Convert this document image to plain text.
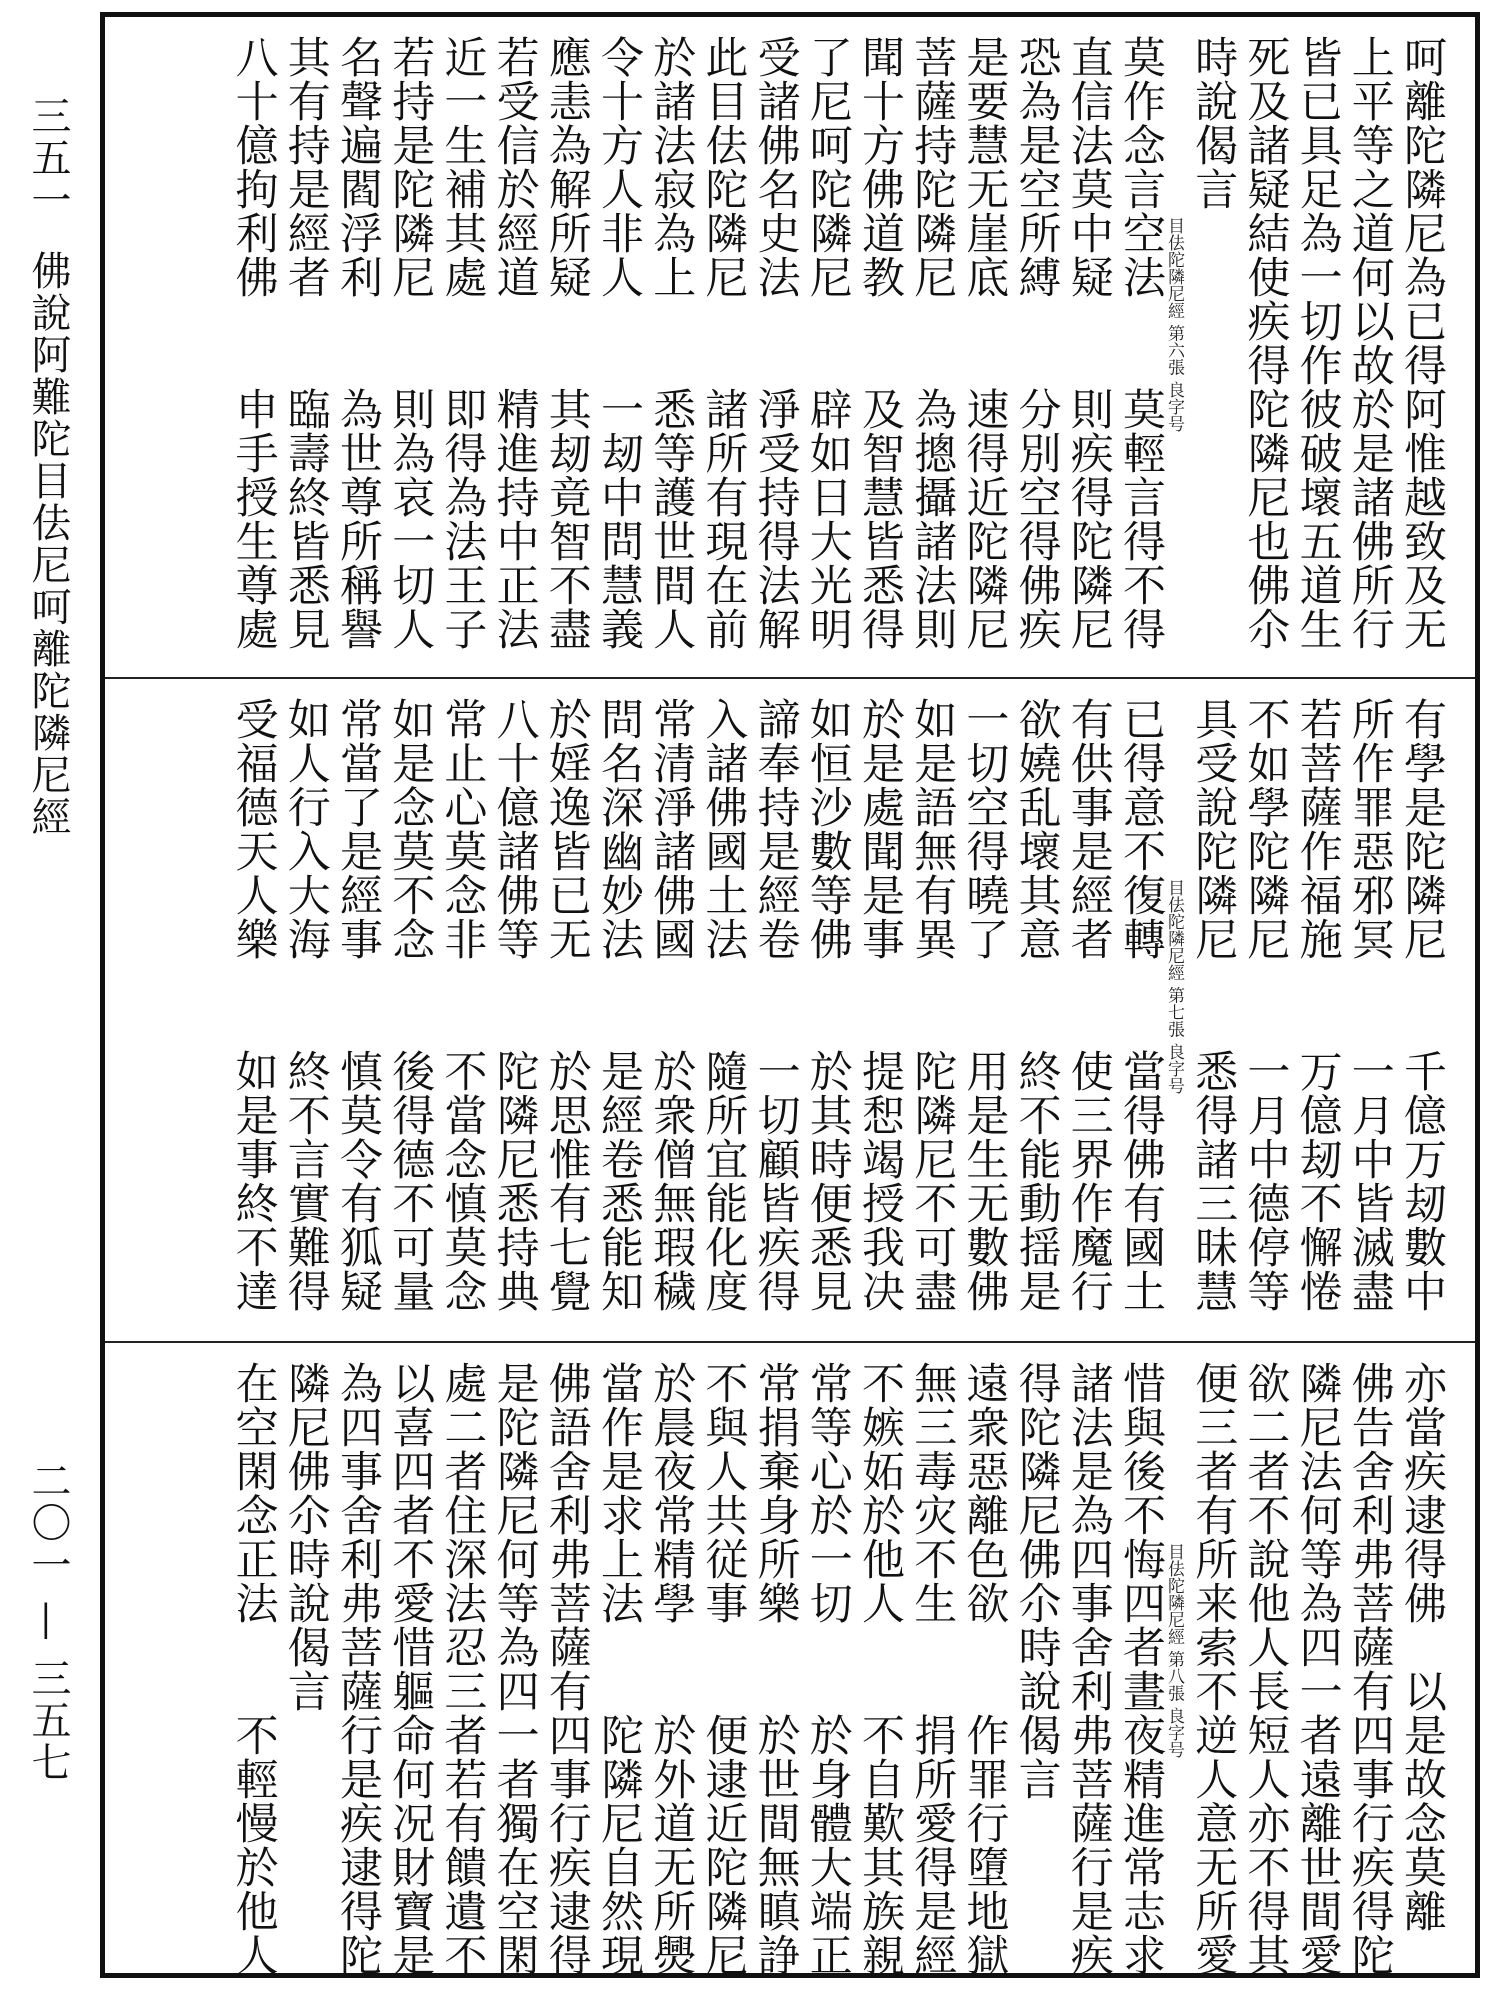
三五一
佛說阿難陀目佉尼呵離陀隣尼經
二〇一 — 三五七
呵離陀隣尼為已得阿惟越致及无
上平等之道何以故於是諸佛所行
皆已具足為一切作彼破壞五道生
死及諸疑結使疾得陀隣尼也佛尒
時說偈言
莫作念言空法　　莫輕言得不得
直信法莫中疑　　則疾得陀隣尼
恐為是空所縛　　分別空得佛疾
是要慧无崖底　　速得近陀隣尼
菩薩持陀隣尼　　為摠攝諸法則
聞十方佛道教　　及智慧皆悉得
了尼呵陀隣尼　　辟如日大光明
受諸佛名史法　　淨受持得法解
此目佉陀隣尼　　諸所有現在前
於諸法寂為上　　悉等護世間人
令十方人非人　　一刼中問慧義
應恚為解所疑　　其刼竟智不盡
若受信於經道　　精進持中正法
近一生補其處　　即得為法王子
若持是陀隣尼　　則為哀一切人
名聲遍閻浮利　　為世尊所稱譽
其有持是經者　　臨壽終皆悉見
八十億拘利佛　　申手授生尊處	目佉陀隣尼經 第六張 良字号
有學是陀隣尼　　千億万刼數中
所作罪惡邪冥　　一月中皆滅盡
若菩薩作福施　　万億刼不懈惓
不如學陀隣尼　　一月中德停等
具受說陀隣尼　　悉得諸三昧慧
已得意不復轉　　當得佛有國土
有供事是經者　　使三界作魔行
欲嬈乱壞其意　　終不能動揺是
一切空得曉了　　用是生无數佛
如是語無有異　　陀隣尼不可盡
於是處聞是事　　提惒竭授我决
如恒沙數等佛　　於其時便悉見
諦奉持是經卷　　一切顧皆疾得
入諸佛國土法　　隨所宜能化度
常清淨諸佛國　　於衆僧無瑕穢
問名深幽妙法　　是經卷悉能知
於婬逸皆已无　　於思惟有七覺
八十億諸佛等　　陀隣尼悉持典
常止心莫念非　　不當念慎莫念
如是念莫不念　　後得德不可量
常當了是經事　　慎莫令有狐疑
如人行入大海　　終不言實難得
受福德天人樂　　如是事終不達	目佉陀隣尼經 第七張 良字号
亦當疾逮得佛　以是故念莫離
佛告舍利弗菩薩有四事行疾得陀
隣尼法何等為四一者遠離世間愛
欲二者不說他人長短人亦不得其
便三者有所来索不逆人意无所愛
惜與後不悔四者晝夜精進常志求
諸法是為四事舍利弗菩薩行是疾
得陀隣尼佛尒時說偈言
遠衆惡離色欲　　作罪行墮地獄
無三毒灾不生　　捐所愛得是經
不嫉妬於他人　　不自歎其族親
常等心於一切　　於身體大端正
常捐棄身所樂　　於世間無瞋諍
不與人共従事　　便逮近陀隣尼
於晨夜常精學　　於外道无所爂
當作是求上法　　陀隣尼自然現
佛語舍利弗菩薩有四事行疾逮得
是陀隣尼何等為四一者獨在空閑
處二者住深法忍三者若有饋遺不
以喜四者不愛惜軀命何况財寶是
為四事舍利弗菩薩行是疾逮得陀
隣尼佛尒時說偈言
在空閑念正法　　不輕慢於他人	目佉陀隣尼經 第八張 良字号
